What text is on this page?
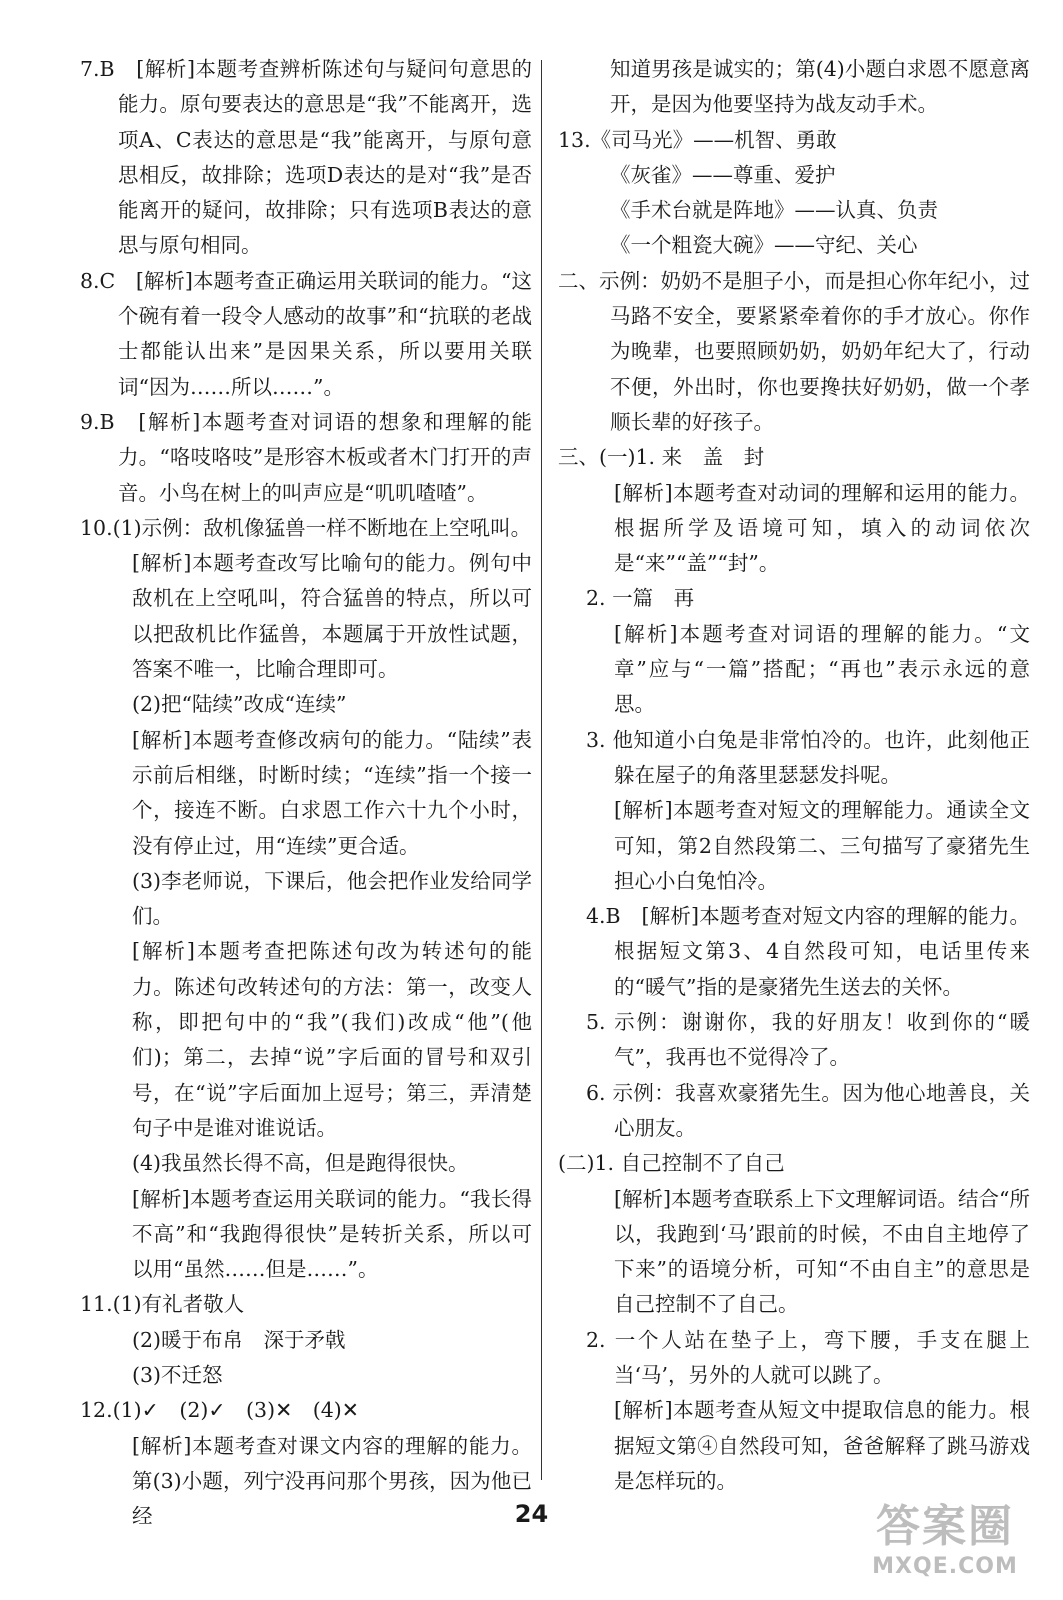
7.B　[解析]本题考查辨析陈述句与疑问句意思的能力。原句要表达的意思是“我”不能离开，选项A、C表达的意思是“我”能离开，与原句意思相反，故排除；选项D表达的是对“我”是否能离开的疑问，故排除；只有选项B表达的意思与原句相同。

8.C　[解析]本题考查正确运用关联词的能力。“这个碗有着一段令人感动的故事”和“抗联的老战士都能认出来”是因果关系，所以要用关联词“因为……所以……”。

9.B　[解析]本题考查对词语的想象和理解的能力。“咯吱咯吱”是形容木板或者木门打开的声音。小鸟在树上的叫声应是“叽叽喳喳”。

10.(1)示例：敌机像猛兽一样不断地在上空吼叫。

[解析]本题考查改写比喻句的能力。例句中敌机在上空吼叫，符合猛兽的特点，所以可以把敌机比作猛兽，本题属于开放性试题，答案不唯一，比喻合理即可。

(2)把“陆续”改成“连续”

[解析]本题考查修改病句的能力。“陆续”表示前后相继，时断时续；“连续”指一个接一个，接连不断。白求恩工作六十九个小时，没有停止过，用“连续”更合适。

(3)李老师说，下课后，他会把作业发给同学们。

[解析]本题考查把陈述句改为转述句的能力。陈述句改转述句的方法：第一，改变人称，即把句中的“我”(我们)改成“他”(他们)；第二，去掉“说”字后面的冒号和双引号，在“说”字后面加上逗号；第三，弄清楚句子中是谁对谁说话。

(4)我虽然长得不高，但是跑得很快。

[解析]本题考查运用关联词的能力。“我长得不高”和“我跑得很快”是转折关系，所以可以用“虽然……但是……”。

11.(1)有礼者敬人

(2)暖于布帛　深于矛戟

(3)不迁怒

12.(1)✓　(2)✓　(3)✕　(4)✕

[解析]本题考查对课文内容的理解的能力。第(3)小题，列宁没再问那个男孩，因为他已经

知道男孩是诚实的；第(4)小题白求恩不愿意离开，是因为他要坚持为战友动手术。

13.《司马光》——机智、勇敢

《灰雀》——尊重、爱护

《手术台就是阵地》——认真、负责

《一个粗瓷大碗》——守纪、关心

二、示例：奶奶不是胆子小，而是担心你年纪小，过马路不安全，要紧紧牵着你的手才放心。你作为晚辈，也要照顾奶奶，奶奶年纪大了，行动不便，外出时，你也要搀扶好奶奶，做一个孝顺长辈的好孩子。

三、(一)1. 来　盖　封

[解析]本题考查对动词的理解和运用的能力。根据所学及语境可知，填入的动词依次是“来”“盖”“封”。

2. 一篇　再

[解析]本题考查对词语的理解的能力。“文章”应与“一篇”搭配；“再也”表示永远的意思。

3. 他知道小白兔是非常怕冷的。也许，此刻他正躲在屋子的角落里瑟瑟发抖呢。

[解析]本题考查对短文的理解能力。通读全文可知，第2自然段第二、三句描写了豪猪先生担心小白兔怕冷。

4.B　[解析]本题考查对短文内容的理解的能力。根据短文第3、4自然段可知，电话里传来的“暖气”指的是豪猪先生送去的关怀。

5. 示例：谢谢你，我的好朋友！收到你的“暖气”，我再也不觉得冷了。

6. 示例：我喜欢豪猪先生。因为他心地善良，关心朋友。

(二)1. 自己控制不了自己

[解析]本题考查联系上下文理解词语。结合“所以，我跑到‘马’跟前的时候，不由自主地停了下来”的语境分析，可知“不由自主”的意思是自己控制不了自己。

2. 一个人站在垫子上，弯下腰，手支在腿上当‘马’，另外的人就可以跳了。

[解析]本题考查从短文中提取信息的能力。根据短文第④自然段可知，爸爸解释了跳马游戏是怎样玩的。

24	答案圈
MXQE.COM
